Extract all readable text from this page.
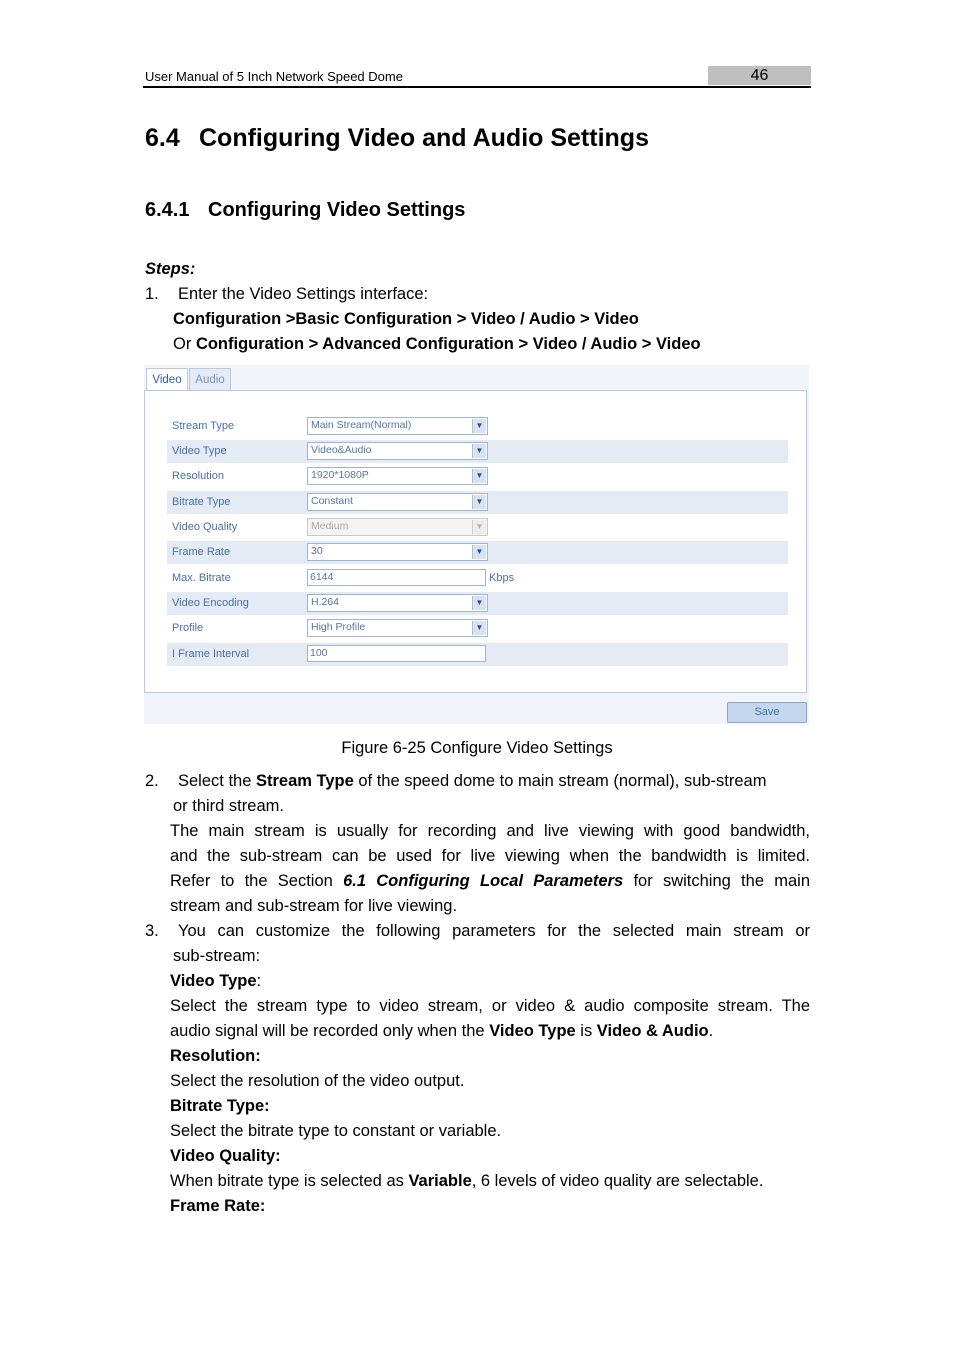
User Manual of 5 Inch Network Speed Dome	46
6.4 Configuring Video and Audio Settings
6.4.1 Configuring Video Settings
Steps:
1. Enter the Video Settings interface:
Configuration >Basic Configuration > Video / Audio > Video
Or Configuration > Advanced Configuration > Video / Audio > Video
Video	Audio
Stream Type	Main Stream(Normal)	▼
Video Type	Video&Audio	▼
Resolution	1920*1080P	▼
Bitrate Type	Constant	▼
Video Quality	Medium	▼
Frame Rate	30	▼
Max. Bitrate	6144	Kbps
Video Encoding	H.264	▼
Profile	High Profile	▼
I Frame Interval	100
Save
Figure 6-25 Configure Video Settings
2. Select the Stream Type of the speed dome to main stream (normal), sub-stream
or third stream.
The main stream is usually for recording and live viewing with good bandwidth,
and the sub-stream can be used for live viewing when the bandwidth is limited.
Refer to the Section 6.1 Configuring Local Parameters for switching the main
stream and sub-stream for live viewing.
3. You can customize the following parameters for the selected main stream or
sub-stream:
Video Type:
Select the stream type to video stream, or video & audio composite stream. The
audio signal will be recorded only when the Video Type is Video & Audio.
Resolution:
Select the resolution of the video output.
Bitrate Type:
Select the bitrate type to constant or variable.
Video Quality:
When bitrate type is selected as Variable, 6 levels of video quality are selectable.
Frame Rate:
